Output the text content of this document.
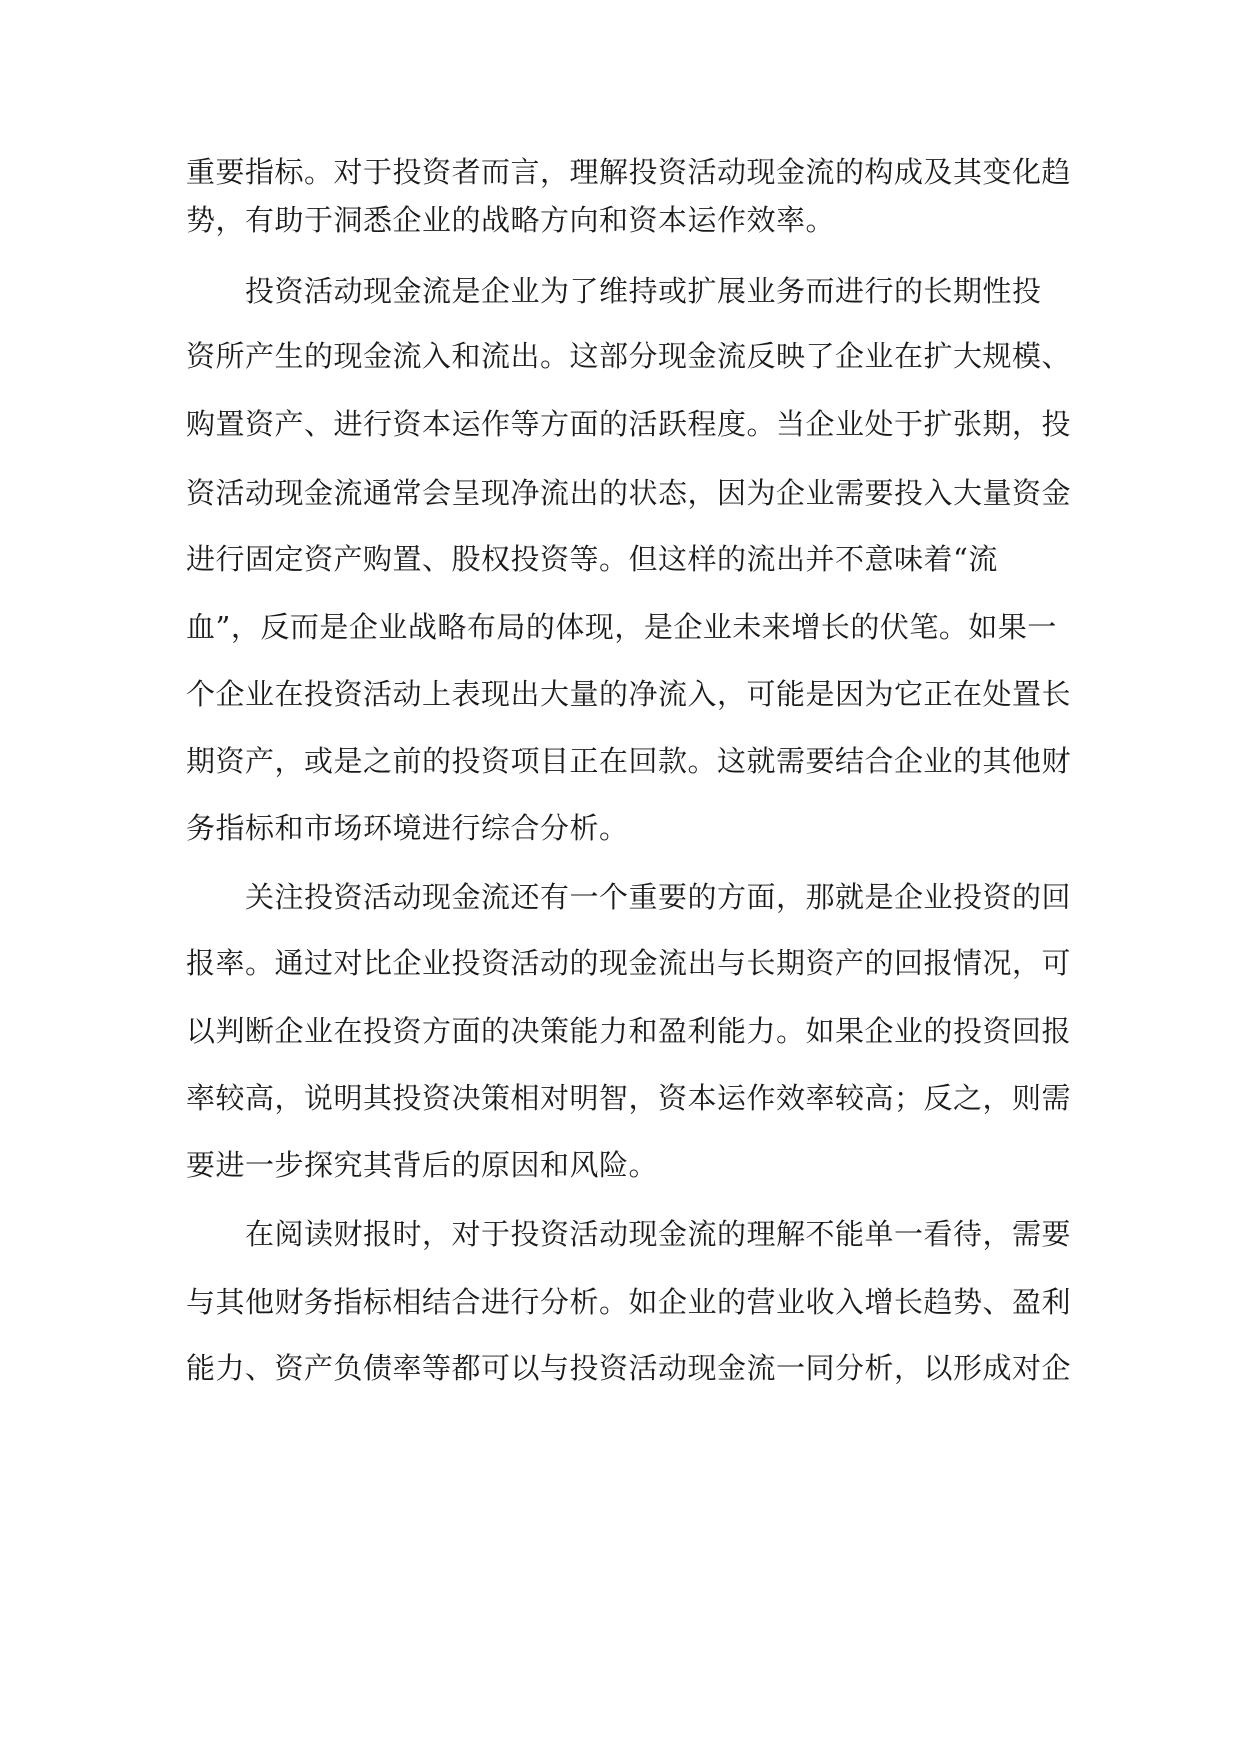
重要指标。对于投资者而言，理解投资活动现金流的构成及其变化趋
势，有助于洞悉企业的战略方向和资本运作效率。
投资活动现金流是企业为了维持或扩展业务而进行的长期性投
资所产生的现金流入和流出。这部分现金流反映了企业在扩大规模、
购置资产、进行资本运作等方面的活跃程度。当企业处于扩张期，投
资活动现金流通常会呈现净流出的状态，因为企业需要投入大量资金
进行固定资产购置、股权投资等。但这样的流出并不意味着“流
血”，反而是企业战略布局的体现，是企业未来增长的伏笔。如果一
个企业在投资活动上表现出大量的净流入，可能是因为它正在处置长
期资产，或是之前的投资项目正在回款。这就需要结合企业的其他财
务指标和市场环境进行综合分析。
关注投资活动现金流还有一个重要的方面，那就是企业投资的回
报率。通过对比企业投资活动的现金流出与长期资产的回报情况，可
以判断企业在投资方面的决策能力和盈利能力。如果企业的投资回报
率较高，说明其投资决策相对明智，资本运作效率较高；反之，则需
要进一步探究其背后的原因和风险。
在阅读财报时，对于投资活动现金流的理解不能单一看待，需要
与其他财务指标相结合进行分析。如企业的营业收入增长趋势、盈利
能力、资产负债率等都可以与投资活动现金流一同分析，以形成对企
